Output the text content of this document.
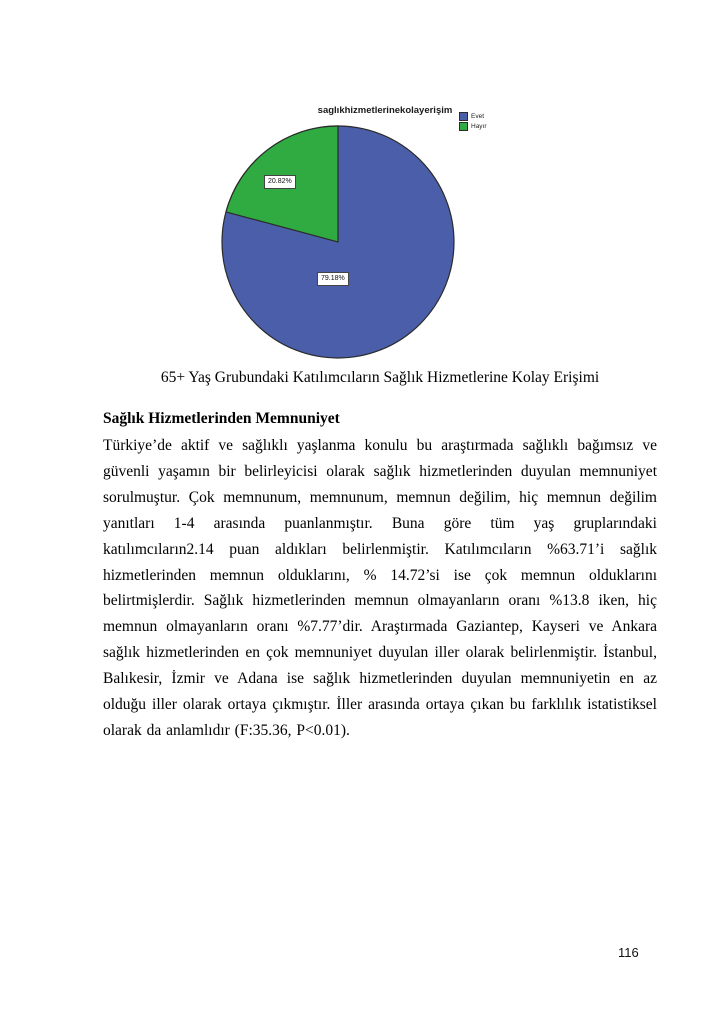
saglıkhizmetlerinekolayerişim	Evet
Hayır
20.82%
79.18%
65+ Yaş Grubundaki Katılımcıların Sağlık Hizmetlerine Kolay Erişimi
Sağlık Hizmetlerinden Memnuniyet

Türkiye’de aktif ve sağlıklı yaşlanma konulu bu araştırmada sağlıklı bağımsız ve güvenli yaşamın bir belirleyicisi olarak sağlık hizmetlerinden duyulan memnuniyet sorulmuştur. Çok memnunum, memnunum, memnun değilim, hiç memnun değilim yanıtları 1-4 arasında puanlanmıştır. Buna göre tüm yaş gruplarındaki katılımcıların2.14 puan aldıkları belirlenmiştir. Katılımcıların %63.71’i sağlık hizmetlerinden memnun olduklarını, % 14.72’si ise çok memnun olduklarını belirtmişlerdir. Sağlık hizmetlerinden memnun olmayanların oranı %13.8 iken, hiç memnun olmayanların oranı %7.77’dir. Araştırmada Gaziantep, Kayseri ve Ankara sağlık hizmetlerinden en çok memnuniyet duyulan iller olarak belirlenmiştir. İstanbul, Balıkesir, İzmir ve Adana ise sağlık hizmetlerinden duyulan memnuniyetin en az olduğu iller olarak ortaya çıkmıştır. İller arasında ortaya çıkan bu farklılık istatistiksel olarak da anlamlıdır (F:35.36, P<0.01).

116
